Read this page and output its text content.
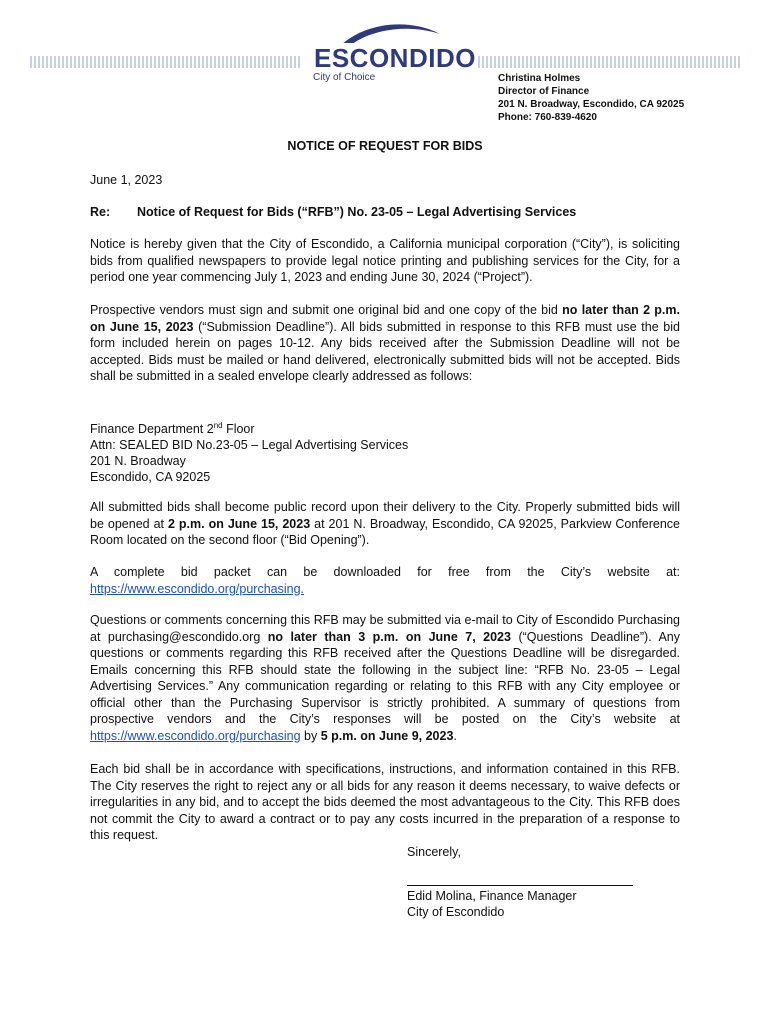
ESCONDIDO
City of Choice	Christina Holmes
Director of Finance
201 N. Broadway, Escondido, CA 92025
Phone: 760-839-4620
NOTICE OF REQUEST FOR BIDS
June 1, 2023
Re: Notice of Request for Bids (“RFB”) No. 23-05 – Legal Advertising Services

Notice is hereby given that the City of Escondido, a California municipal corporation (“City”), is soliciting bids from qualified newspapers to provide legal notice printing and publishing services for the City, for a period one year commencing July 1, 2023 and ending June 30, 2024 (“Project”).

Prospective vendors must sign and submit one original bid and one copy of the bid no later than 2 p.m. on June 15, 2023 (“Submission Deadline”). All bids submitted in response to this RFB must use the bid form included herein on pages 10-12. Any bids received after the Submission Deadline will not be accepted. Bids must be mailed or hand delivered, electronically submitted bids will not be accepted. Bids shall be submitted in a sealed envelope clearly addressed as follows:

Finance Department 2nd Floor
Attn: SEALED BID No.23-05 – Legal Advertising Services
201 N. Broadway
Escondido, CA 92025

All submitted bids shall become public record upon their delivery to the City. Properly submitted bids will be opened at 2 p.m. on June 15, 2023 at 201 N. Broadway, Escondido, CA 92025, Parkview Conference Room located on the second floor (“Bid Opening”).

A complete bid packet can be downloaded for free from the City’s website at: https://www.escondido.org/purchasing.

Questions or comments concerning this RFB may be submitted via e-mail to City of Escondido Purchasing at purchasing@escondido.org no later than 3 p.m. on June 7, 2023 (“Questions Deadline”). Any questions or comments regarding this RFB received after the Questions Deadline will be disregarded. Emails concerning this RFB should state the following in the subject line: “RFB No. 23-05 – Legal Advertising Services.” Any communication regarding or relating to this RFB with any City employee or official other than the Purchasing Supervisor is strictly prohibited. A summary of questions from prospective vendors and the City’s responses will be posted on the City’s website at https://www.escondido.org/purchasing by 5 p.m. on June 9, 2023.

Each bid shall be in accordance with specifications, instructions, and information contained in this RFB. The City reserves the right to reject any or all bids for any reason it deems necessary, to waive defects or irregularities in any bid, and to accept the bids deemed the most advantageous to the City. This RFB does not commit the City to award a contract or to pay any costs incurred in the preparation of a response to this request.

Sincerely,
Edid Molina, Finance Manager
City of Escondido
